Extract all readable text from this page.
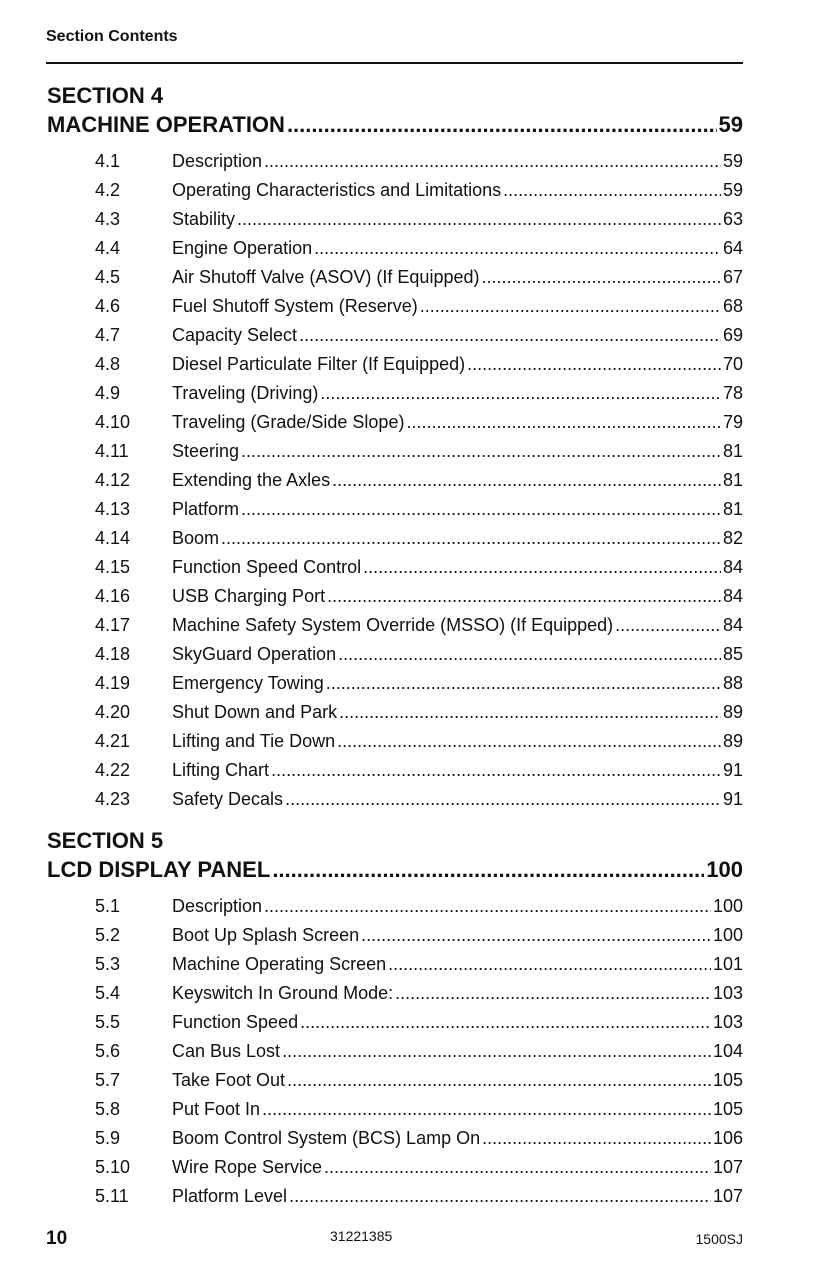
Section Contents
SECTION 4
MACHINE OPERATION .....	59
4.1	Description .....	59
4.2	Operating Characteristics and Limitations .....	59
4.3	Stability .....	63
4.4	Engine Operation .....	64
4.5	Air Shutoff Valve (ASOV) (If Equipped) .....	67
4.6	Fuel Shutoff System (Reserve) .....	68
4.7	Capacity Select .....	69
4.8	Diesel Particulate Filter (If Equipped) .....	70
4.9	Traveling (Driving) .....	78
4.10	Traveling (Grade/Side Slope) .....	79
4.11	Steering .....	81
4.12	Extending the Axles .....	81
4.13	Platform .....	81
4.14	Boom .....	82
4.15	Function Speed Control .....	84
4.16	USB Charging Port .....	84
4.17	Machine Safety System Override (MSSO) (If Equipped) .....	84
4.18	SkyGuard Operation .....	85
4.19	Emergency Towing .....	88
4.20	Shut Down and Park .....	89
4.21	Lifting and Tie Down .....	89
4.22	Lifting Chart .....	91
4.23	Safety Decals .....	91
SECTION 5
LCD DISPLAY PANEL .....	100
5.1	Description .....	100
5.2	Boot Up Splash Screen .....	100
5.3	Machine Operating Screen .....	101
5.4	Keyswitch In Ground Mode: .....	103
5.5	Function Speed .....	103
5.6	Can Bus Lost .....	104
5.7	Take Foot Out .....	105
5.8	Put Foot In .....	105
5.9	Boom Control System (BCS) Lamp On .....	106
5.10	Wire Rope Service .....	107
5.11	Platform Level .....	107
10	31221385	1500SJ
